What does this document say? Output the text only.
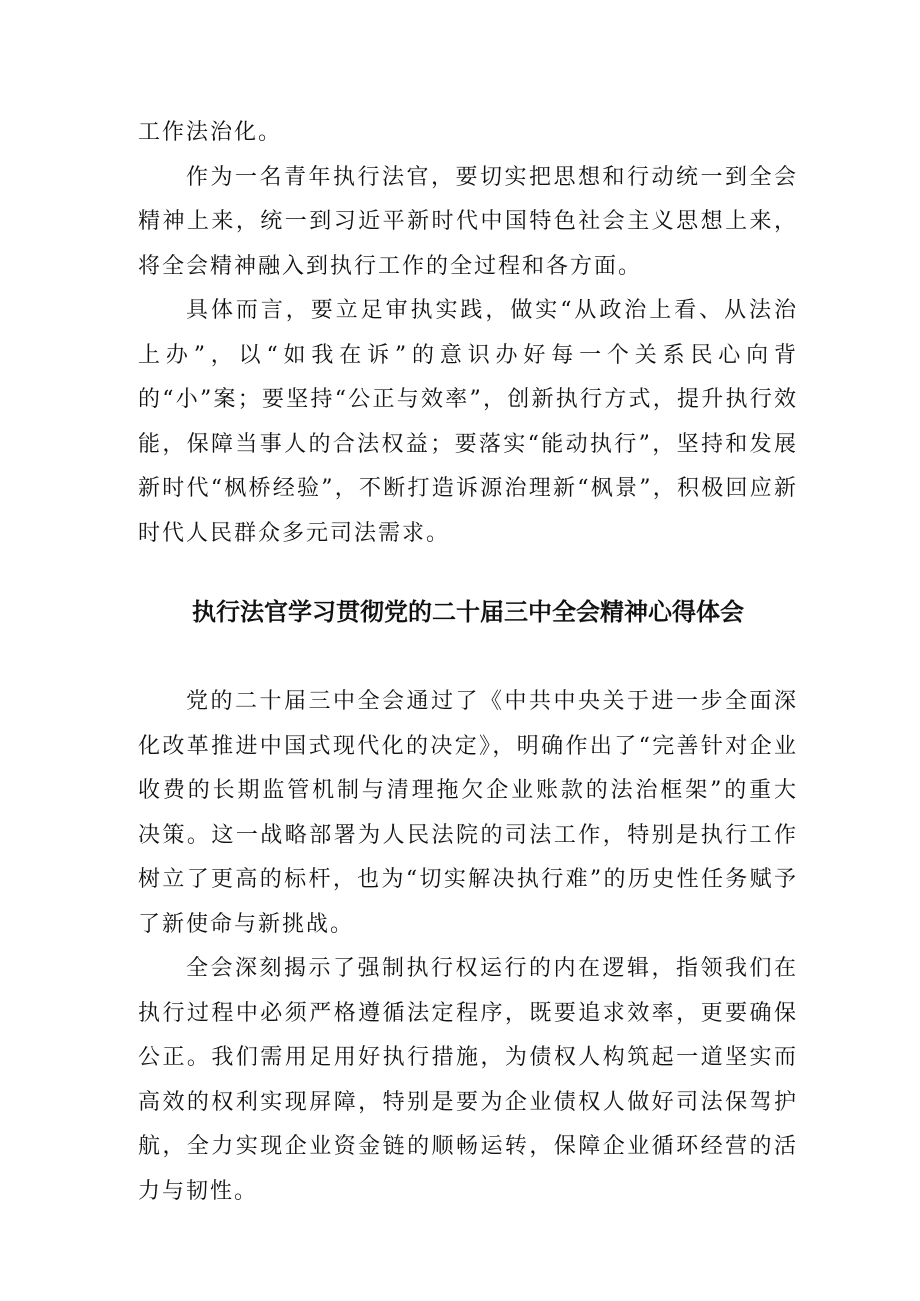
工作法治化。

作为一名青年执行法官，要切实把思想和行动统一到全会精神上来，统一到习近平新时代中国特色社会主义思想上来，将全会精神融入到执行工作的全过程和各方面。

具体而言，要立足审执实践，做实“从政治上看、从法治上办”，以“如我在诉”的意识办好每一个关系民心向背的“小”案；要坚持“公正与效率”，创新执行方式，提升执行效能，保障当事人的合法权益；要落实“能动执行”，坚持和发展新时代“枫桥经验”，不断打造诉源治理新“枫景”，积极回应新时代人民群众多元司法需求。

执行法官学习贯彻党的二十届三中全会精神心得体会

党的二十届三中全会通过了《中共中央关于进一步全面深化改革推进中国式现代化的决定》，明确作出了“完善针对企业收费的长期监管机制与清理拖欠企业账款的法治框架”的重大决策。这一战略部署为人民法院的司法工作，特别是执行工作树立了更高的标杆，也为“切实解决执行难”的历史性任务赋予了新使命与新挑战。

全会深刻揭示了强制执行权运行的内在逻辑，指领我们在执行过程中必须严格遵循法定程序，既要追求效率，更要确保公正。我们需用足用好执行措施，为债权人构筑起一道坚实而高效的权利实现屏障，特别是要为企业债权人做好司法保驾护航，全力实现企业资金链的顺畅运转，保障企业循环经营的活力与韧性。
